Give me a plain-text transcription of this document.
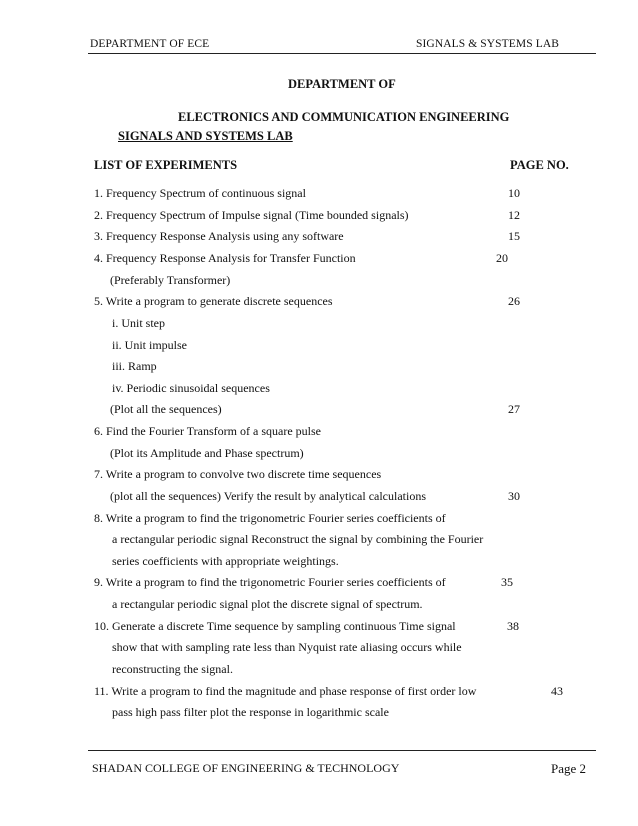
DEPARTMENT OF ECE	SIGNALS & SYSTEMS LAB
DEPARTMENT OF
ELECTRONICS AND COMMUNICATION ENGINEERING
SIGNALS AND SYSTEMS LAB
LIST OF EXPERIMENTS	PAGE NO.
1. Frequency Spectrum of continuous signal	10
2. Frequency Spectrum of Impulse signal (Time bounded signals)	12
3. Frequency Response Analysis using any software	15
4. Frequency Response Analysis for Transfer Function	20
(Preferably Transformer)
5. Write a program to generate discrete sequences	26
i. Unit step
ii. Unit impulse
iii. Ramp
iv. Periodic sinusoidal sequences
(Plot all the sequences)	27
6. Find the Fourier Transform of a square pulse
(Plot its Amplitude and Phase spectrum)
7. Write a program to convolve two discrete time sequences
(plot all the sequences) Verify the result by analytical calculations	30
8. Write a program to find the trigonometric Fourier series coefficients of
a rectangular periodic signal Reconstruct the signal by combining the Fourier
series coefficients with appropriate weightings.
9. Write a program to find the trigonometric Fourier series coefficients of	35
a rectangular periodic signal plot the discrete signal of spectrum.
10. Generate a discrete Time sequence by sampling continuous Time signal	38
show that with sampling rate less than Nyquist rate aliasing occurs while
reconstructing the signal.
11. Write a program to find the magnitude and phase response of first order low	43
pass high pass filter plot the response in logarithmic scale
SHADAN COLLEGE OF ENGINEERING & TECHNOLOGY	Page 2
